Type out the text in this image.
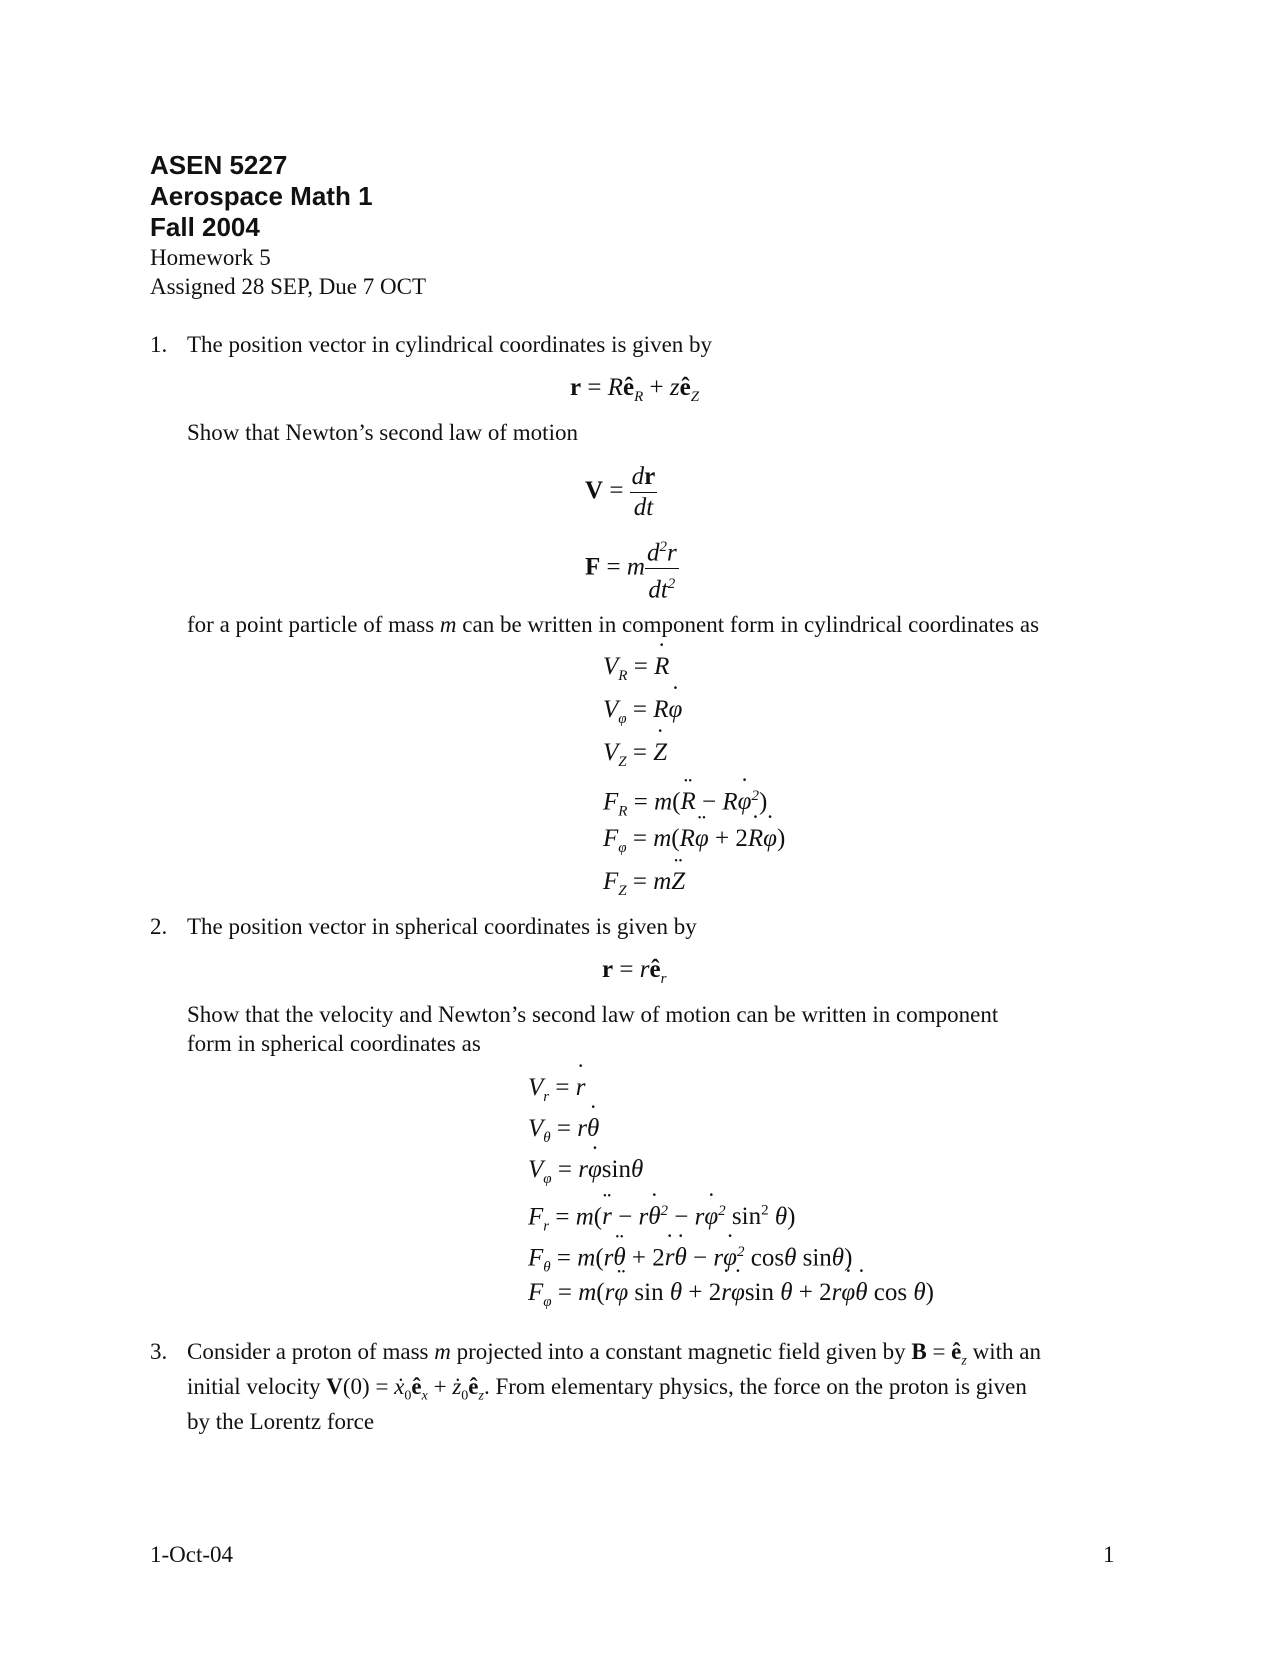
ASEN 5227
Aerospace Math 1
Fall 2004
Homework 5
Assigned 28 SEP, Due 7 OCT
1. The position vector in cylindrical coordinates is given by
$r = Rê_R$ + $zê_Z$
Show that Newton’s second law of motion
$V = \frac{dr}{dt}$
F = m $\frac{d^2r}{dt^2}$
for a point particle of mass m can be written in component form in cylindrical coordinates as
$V_R = R$ ˙
$V_\varphi = R\varphi$ ˙
$V_Z = Z$ ˙
$F_R = m(R$ ¨ − Rφ ˙$^2$)
$F_\varphi = m(R\varphi$ ¨ + 2R ˙φ ˙)
$F_Z$ = mZ ¨
2. The position vector in spherical coordinates is given by
$r = rê_r$
Show that the velocity and Newton’s second law of motion can be written in component
form in spherical coordinates as
$V_r = r$ ˙
$V_\theta = r\theta$ ˙
$V_\varphi = r\varphi$ ˙sinθ
$F_r = m(r$ ¨ − rθ ˙$^2$ − rφ ˙$^2$ $\sin^2 \theta$)
$F_\theta = m(r\theta$ ¨ + 2r ˙θ ˙ − rφ ˙$^2$ cosθ sinθ)
$F_\varphi = m(r\varphi$ ¨ sin θ + 2r ˙φ ˙sin θ + 2rφ ˙θ ˙ cos θ)
3. Consider a proton of mass m projected into a constant magnetic field given by $B = ê_z$ with an
initial velocity $V(0) = ẋ_0ê_x$ + $ż_0ê_z$. From elementary physics, the force on the proton is given
by the Lorentz force
1-Oct-04	1
